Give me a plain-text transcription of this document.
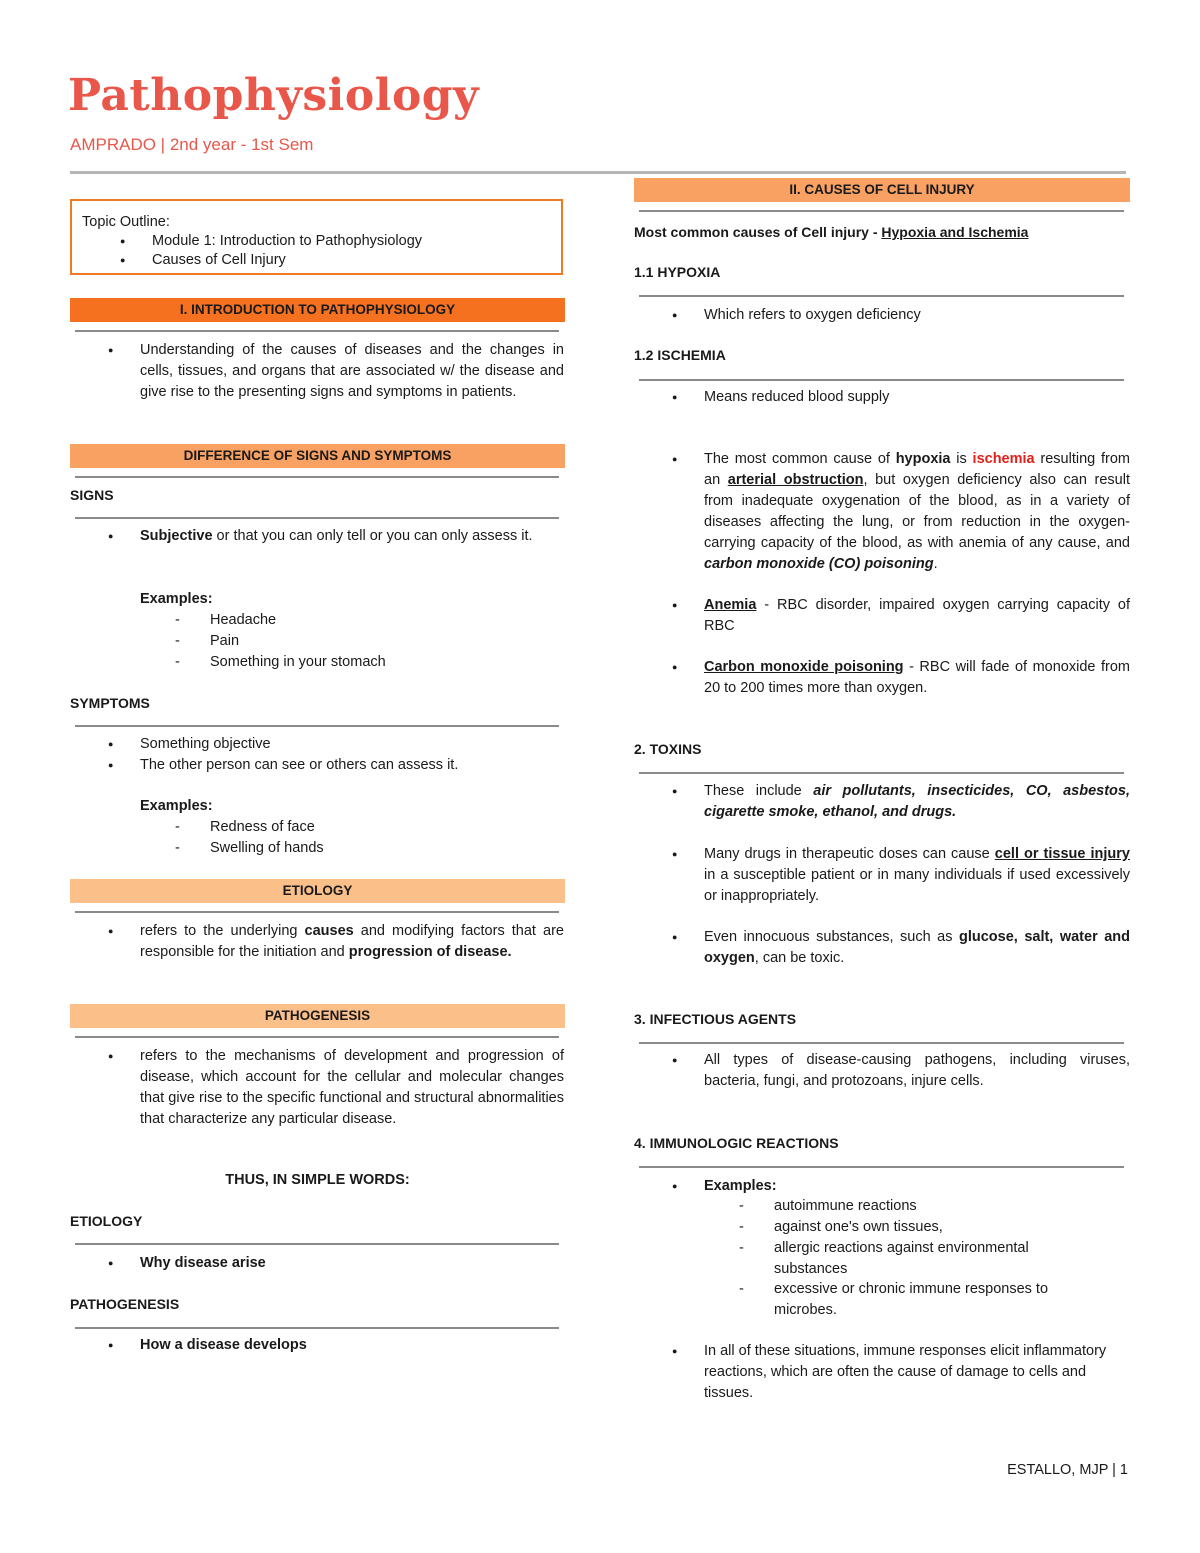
Pathophysiology
AMPRADO | 2nd year - 1st Sem
Topic Outline:
● Module 1: Introduction to Pathophysiology
● Causes of Cell Injury
I. INTRODUCTION TO PATHOPHYSIOLOGY
● Understanding of the causes of diseases and the changes in cells, tissues, and organs that are associated w/ the disease and give rise to the presenting signs and symptoms in patients.
DIFFERENCE OF SIGNS AND SYMPTOMS
SIGNS
● Subjective or that you can only tell or you can only assess it.
Examples:
- Headache
- Pain
- Something in your stomach
SYMPTOMS
● Something objective
● The other person can see or others can assess it.
Examples:
- Redness of face
- Swelling of hands
ETIOLOGY
● refers to the underlying causes and modifying factors that are responsible for the initiation and progression of disease.
PATHOGENESIS
● refers to the mechanisms of development and progression of disease, which account for the cellular and molecular changes that give rise to the specific functional and structural abnormalities that characterize any particular disease.
THUS, IN SIMPLE WORDS:
ETIOLOGY
● Why disease arise
PATHOGENESIS
● How a disease develops
II. CAUSES OF CELL INJURY
Most common causes of Cell injury - Hypoxia and Ischemia
1.1 HYPOXIA
● Which refers to oxygen deficiency
1.2 ISCHEMIA
● Means reduced blood supply
● The most common cause of hypoxia is ischemia resulting from an arterial obstruction, but oxygen deficiency also can result from inadequate oxygenation of the blood, as in a variety of diseases affecting the lung, or from reduction in the oxygen-carrying capacity of the blood, as with anemia of any cause, and carbon monoxide (CO) poisoning.
● Anemia - RBC disorder, impaired oxygen carrying capacity of RBC
● Carbon monoxide poisoning - RBC will fade of monoxide from 20 to 200 times more than oxygen.
2. TOXINS
● These include air pollutants, insecticides, CO, asbestos, cigarette smoke, ethanol, and drugs.
● Many drugs in therapeutic doses can cause cell or tissue injury in a susceptible patient or in many individuals if used excessively or inappropriately.
● Even innocuous substances, such as glucose, salt, water and oxygen, can be toxic.
3. INFECTIOUS AGENTS
● All types of disease-causing pathogens, including viruses, bacteria, fungi, and protozoans, injure cells.
4. IMMUNOLOGIC REACTIONS
● Examples:
- autoimmune reactions
- against one's own tissues,
- allergic reactions against environmental substances
- excessive or chronic immune responses to microbes.
● In all of these situations, immune responses elicit inflammatory reactions, which are often the cause of damage to cells and tissues.
ESTALLO, MJP | 1
